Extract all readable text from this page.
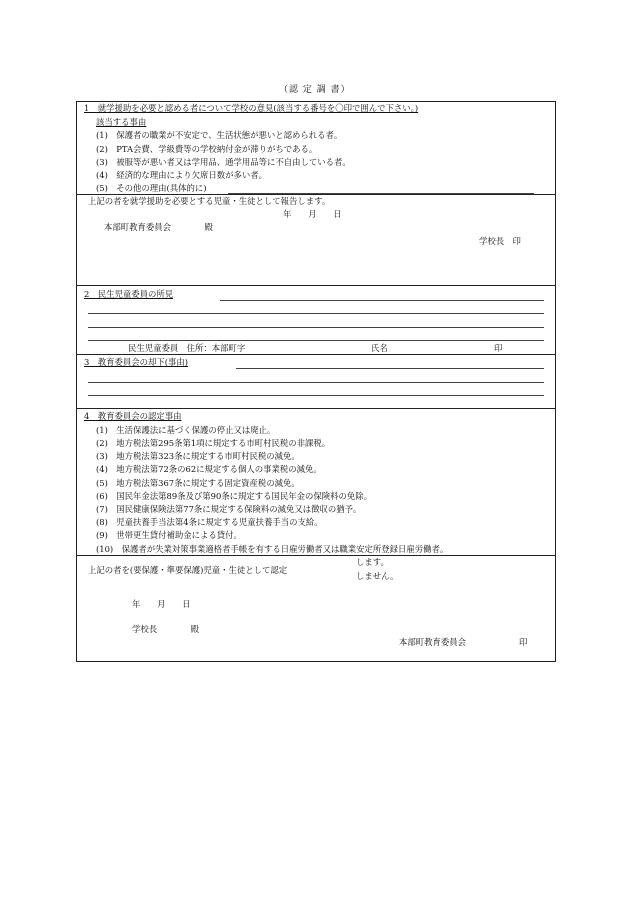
（認 定 調 書）
1　就学援助を必要と認める者について学校の意見(該当する番号を〇印で囲んで下さい。)
該当する事由
(1)　保護者の職業が不安定で、生活状態が悪いと認められる者。
(2)　PTA会費、学級費等の学校納付金が滞りがちである。
(3)　被服等が悪い者又は学用品、通学用品等に不自由している者。
(4)　経済的な理由により欠席日数が多い者。
(5)　その他の理由(具体的に)
上記の者を就学援助を必要とする児童・生徒として報告します。
年　　月　　日
本部町教育委員会　　　　殿
学校長　印
2　民生児童委員の所見
民生児童委員　住所：本部町字	氏名	印
3　教育委員会の却下(事由)
4　教育委員会の認定事由
(1)　生活保護法に基づく保護の停止又は廃止。
(2)　地方税法第295条第1項に規定する市町村民税の非課税。
(3)　地方税法第323条に規定する市町村民税の減免。
(4)　地方税法第72条の62に規定する個人の事業税の減免。
(5)　地方税法第367条に規定する固定資産税の減免。
(6)　国民年金法第89条及び第90条に規定する国民年金の保険料の免除。
(7)　国民健康保険法第77条に規定する保険料の減免又は徴収の猶予。
(8)　児童扶養手当法第4条に規定する児童扶養手当の支給。
(9)　世帯更生貸付補助金による貸付。
(10)　保護者が失業対策事業適格者手帳を有する日雇労働者又は職業安定所登録日雇労働者。
上記の者を(要保護・準要保護)児童・生徒として認定
します。
しません。
年　　月　　日
学校長　　　　殿
本部町教育委員会	印
